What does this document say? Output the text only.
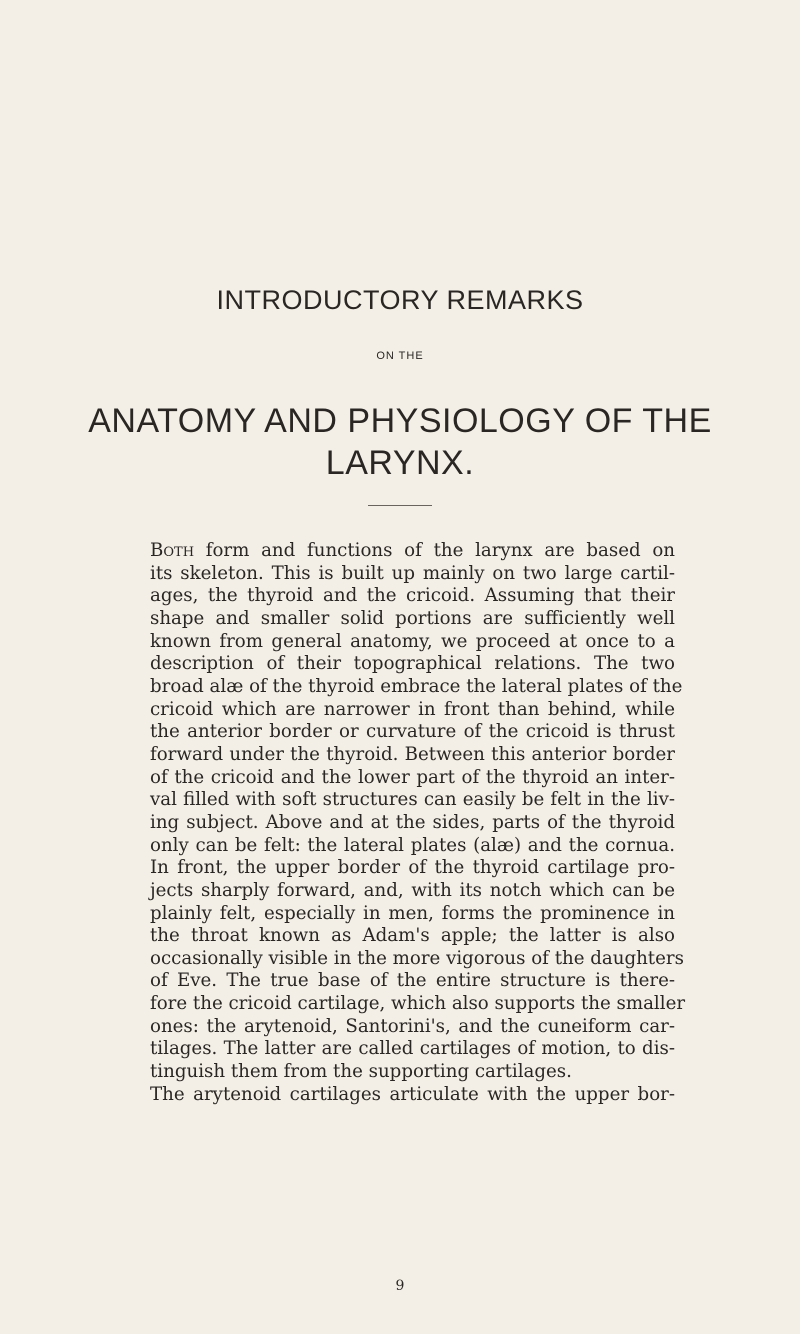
INTRODUCTORY REMARKS
ON THE
ANATOMY AND PHYSIOLOGY OF THE
LARYNX.
Both form and functions of the larynx are based on
its skeleton. This is built up mainly on two large cartil-
ages, the thyroid and the cricoid. Assuming that their
shape and smaller solid portions are sufficiently well
known from general anatomy, we proceed at once to a
description of their topographical relations. The two
broad alæ of the thyroid embrace the lateral plates of the
cricoid which are narrower in front than behind, while
the anterior border or curvature of the cricoid is thrust
forward under the thyroid. Between this anterior border
of the cricoid and the lower part of the thyroid an inter-
val filled with soft structures can easily be felt in the liv-
ing subject. Above and at the sides, parts of the thyroid
only can be felt: the lateral plates (alæ) and the cornua.
In front, the upper border of the thyroid cartilage pro-
jects sharply forward, and, with its notch which can be
plainly felt, especially in men, forms the prominence in
the throat known as Adam's apple; the latter is also
occasionally visible in the more vigorous of the daughters
of Eve. The true base of the entire structure is there-
fore the cricoid cartilage, which also supports the smaller
ones: the arytenoid, Santorini's, and the cuneiform car-
tilages. The latter are called cartilages of motion, to dis-
tinguish them from the supporting cartilages.
The arytenoid cartilages articulate with the upper bor-
9
